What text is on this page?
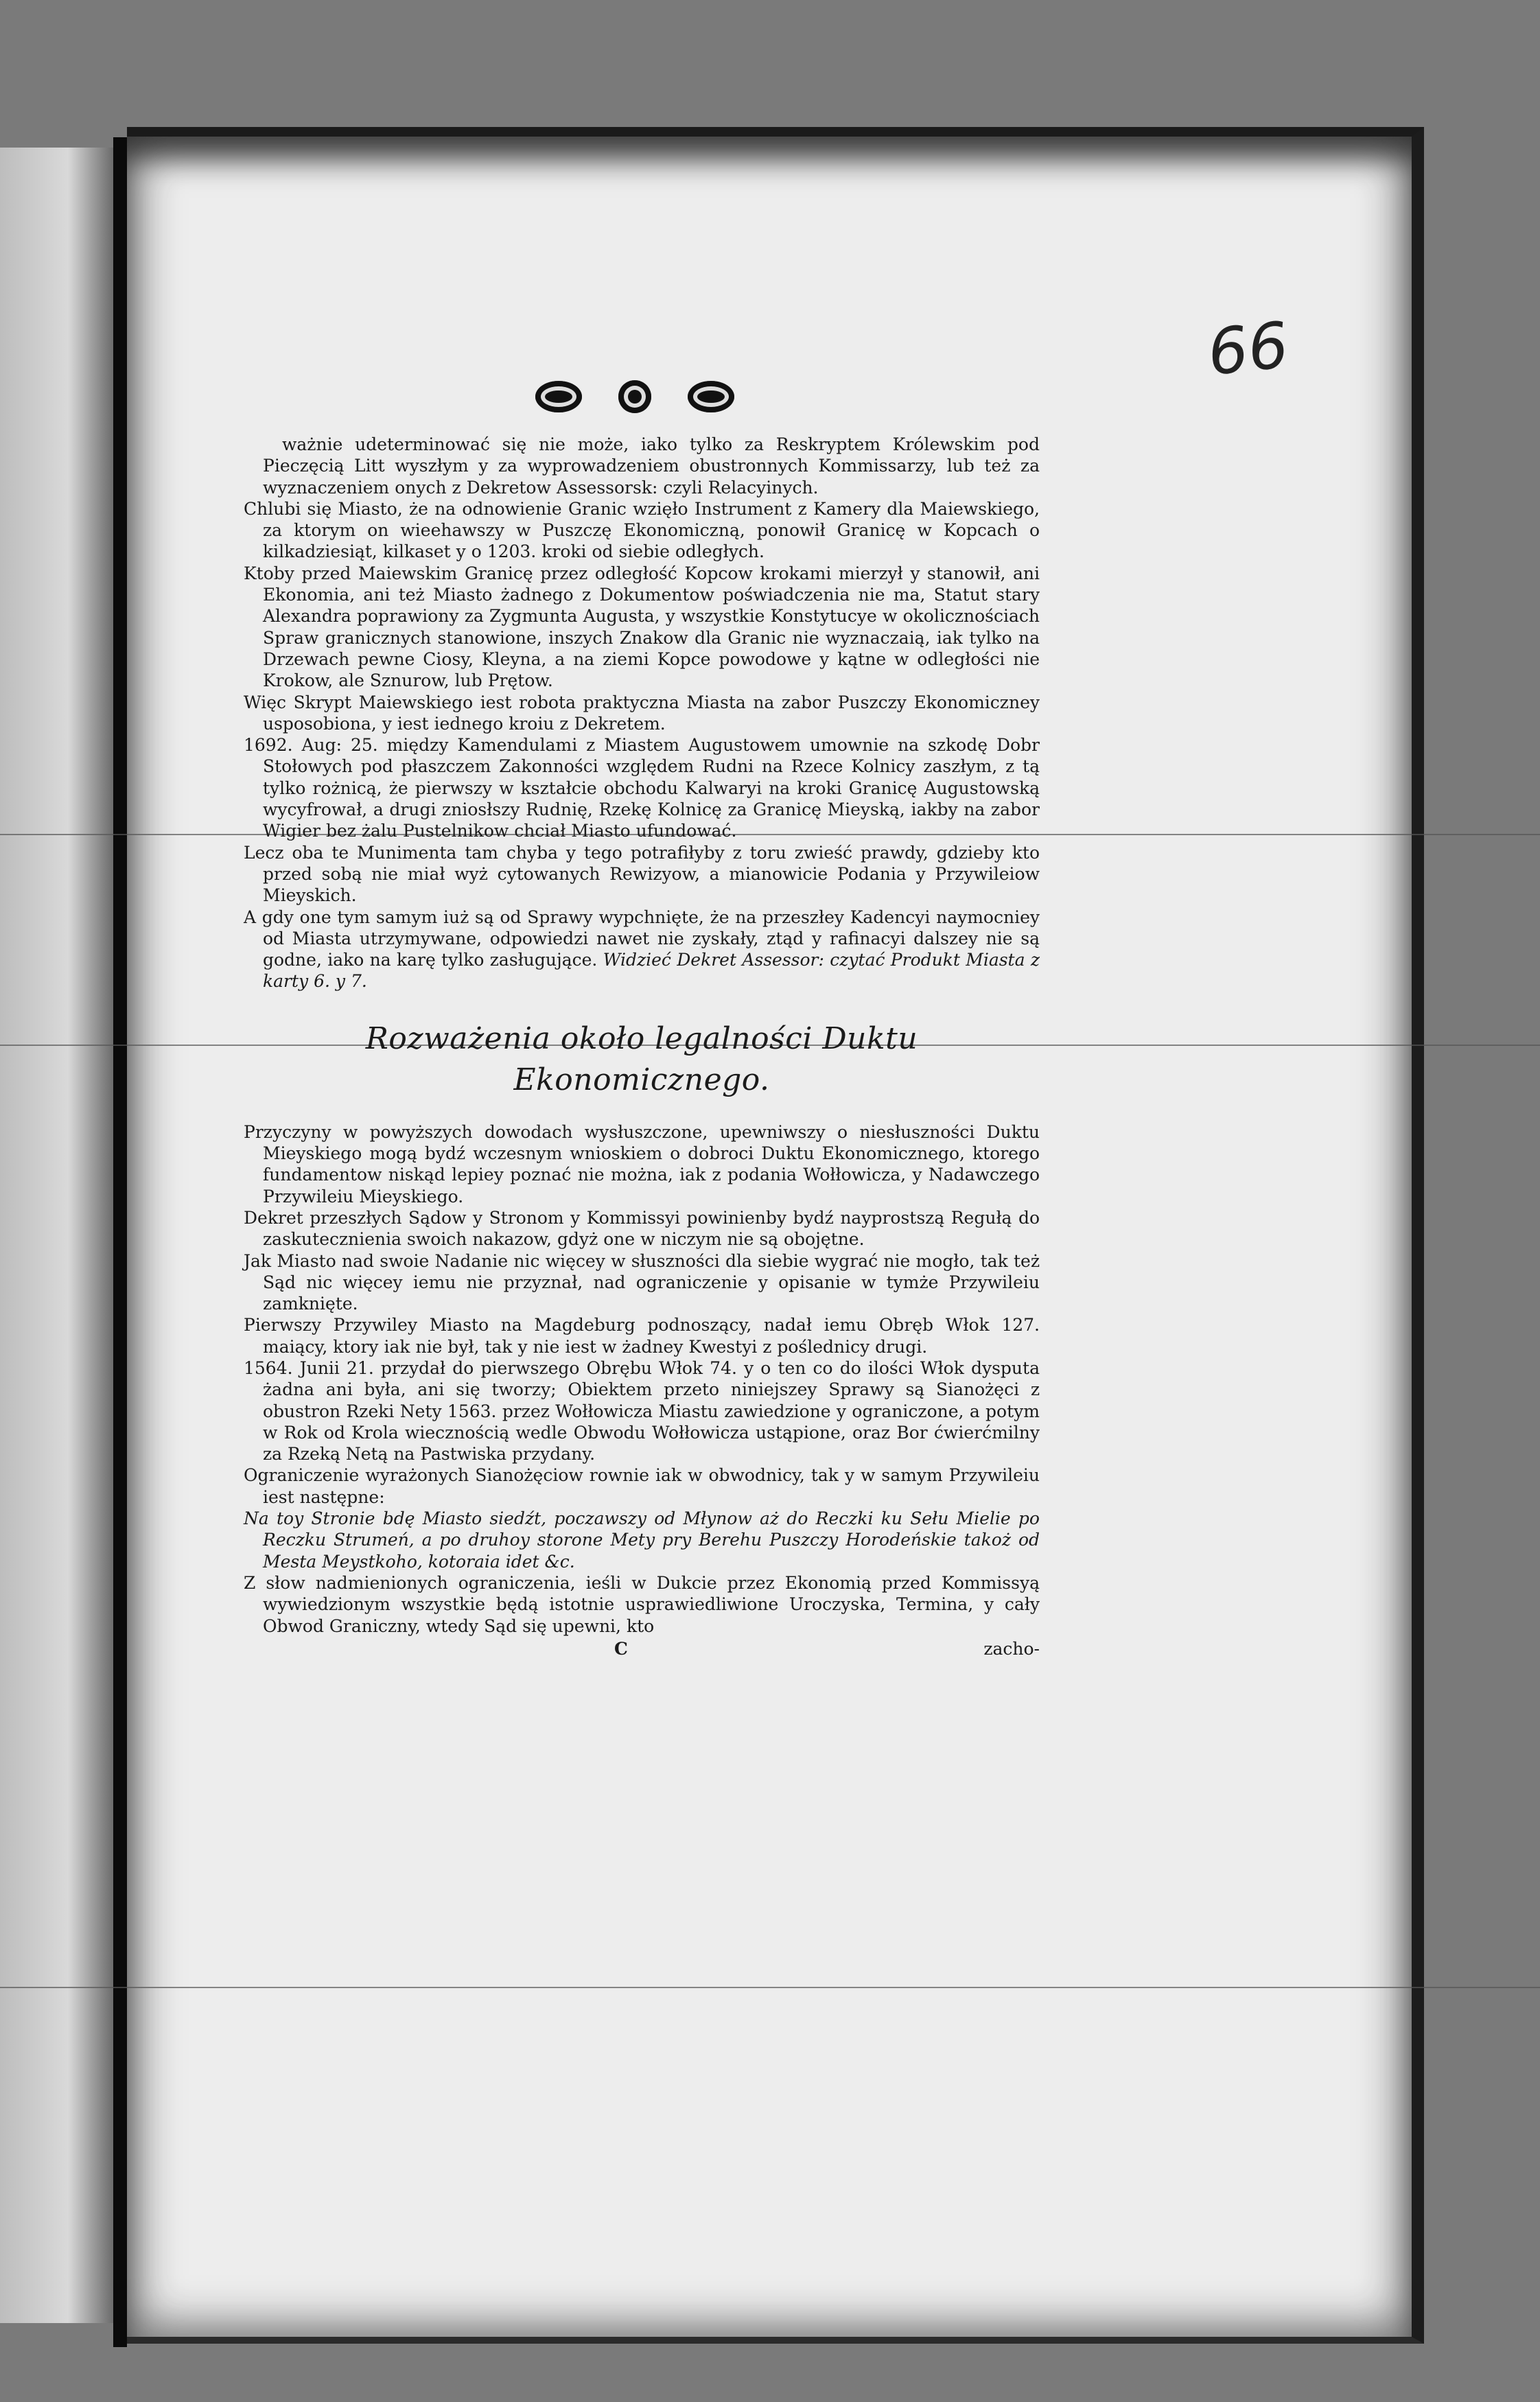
66

ważnie udeterminować się nie może, iako tylko za Reskryptem Królewskim pod Pieczęcią Litt wyszłym y za wyprowadzeniem obustronnych Kommissarzy, lub też za wyznaczeniem onych z Dekretow Assessorsk: czyli Relacyinych.

Chlubi się Miasto, że na odnowienie Granic wzięło Instrument z Kamery dla Maiewskiego, za ktorym on wieehawszy w Puszczę Ekonomiczną, ponowił Granicę w Kopcach o kilkadziesiąt, kilkaset y o 1203. kroki od siebie odległych.

Ktoby przed Maiewskim Granicę przez odległość Kopcow krokami mierzył y stanowił, ani Ekonomia, ani też Miasto żadnego z Dokumentow poświadczenia nie ma, Statut stary Alexandra poprawiony za Zygmunta Augusta, y wszystkie Konstytucye w okolicznościach Spraw granicznych stanowione, inszych Znakow dla Granic nie wyznaczaią, iak tylko na Drzewach pewne Ciosy, Kleyna, a na ziemi Kopce powodowe y kątne w odległości nie Krokow, ale Sznurow, lub Prętow.

Więc Skrypt Maiewskiego iest robota praktyczna Miasta na zabor Puszczy Ekonomiczney usposobiona, y iest iednego kroiu z Dekretem.

1692. Aug: 25. między Kamendulami z Miastem Augustowem umownie na szkodę Dobr Stołowych pod płaszczem Zakonności względem Rudni na Rzece Kolnicy zaszłym, z tą tylko rożnicą, że pierwszy w kształcie obchodu Kalwaryi na kroki Granicę Augustowską wycyfrował, a drugi zniosłszy Rudnię, Rzekę Kolnicę za Granicę Mieyską, iakby na zabor Wigier bez żalu Pustelnikow chciał Miasto ufundować.

Lecz oba te Munimenta tam chyba y tego potrafiłyby z toru zwieść prawdy, gdzieby kto przed sobą nie miał wyż cytowanych Rewizyow, a mianowicie Podania y Przywileiow Mieyskich.

A gdy one tym samym iuż są od Sprawy wypchnięte, że na przeszłey Kadencyi naymocniey od Miasta utrzymywane, odpowiedzi nawet nie zyskały, ztąd y rafinacyi dalszey nie są godne, iako na karę tylko zasługujące. Widzieć Dekret Assessor: czytać Produkt Miasta z karty 6. y 7.

Rozważenia około legalności Duktu Ekonomicznego.

Przyczyny w powyższych dowodach wysłuszczone, upewniwszy o niesłuszności Duktu Mieyskiego mogą bydź wczesnym wnioskiem o dobroci Duktu Ekonomicznego, ktorego fundamentow niskąd lepiey poznać nie można, iak z podania Wołłowicza, y Nadawczego Przywileiu Mieyskiego.

Dekret przeszłych Sądow y Stronom y Kommissyi powinienby bydź nayprostszą Regułą do zaskutecznienia swoich nakazow, gdyż one w niczym nie są obojętne.

Jak Miasto nad swoie Nadanie nic więcey w słuszności dla siebie wygrać nie mogło, tak też Sąd nic więcey iemu nie przyznał, nad ograniczenie y opisanie w tymże Przywileiu zamknięte.

Pierwszy Przywiley Miasto na Magdeburg podnoszący, nadał iemu Obręb Włok 127. maiący, ktory iak nie był, tak y nie iest w żadney Kwestyi z poślednicy drugi.

1564. Junii 21. przydał do pierwszego Obrębu Włok 74. y o ten co do ilości Włok dysputa żadna ani była, ani się tworzy; Obiektem przeto niniejszey Sprawy są Sianożęci z obustron Rzeki Nety 1563. przez Wołłowicza Miastu zawiedzione y ograniczone, a potym w Rok od Krola wiecznością wedle Obwodu Wołłowicza ustąpione, oraz Bor ćwierćmilny za Rzeką Netą na Pastwiska przydany.

Ograniczenie wyrażonych Sianożęciow rownie iak w obwodnicy, tak y w samym Przywileiu iest następne:

Na toy Stronie bdę Miasto siedźt, poczawszy od Młynow aż do Reczki ku Sełu Mielie po Reczku Strumeń, a po druhoy storone Mety pry Berehu Puszczy Horodeńskie takoż od Mesta Meystkoho, kotoraia idet &c.

Z słow nadmienionych ograniczenia, ieśli w Dukcie przez Ekonomią przed Kommissyą wywiedzionym wszystkie będą istotnie usprawiedliwione Uroczyska, Termina, y cały Obwod Graniczny, wtedy Sąd się upewni, kto

C	zacho-
